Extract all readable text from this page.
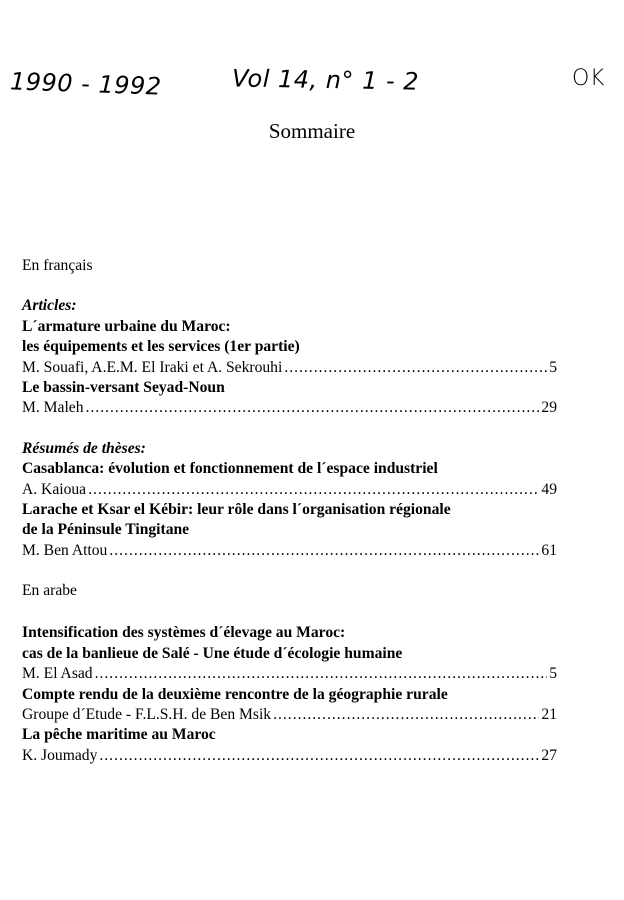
1990 - 1992	Vol 14, n° 1 - 2	OK
Sommaire
En français
Articles:
L´armature urbaine du Maroc:
les équipements et les services (1er partie)
M. Souafi, A.E.M. El Iraki et A. Sekrouhi .....	5
Le bassin-versant Seyad-Noun
M. Maleh .....	29
Résumés de thèses:
Casablanca: évolution et fonctionnement de l´espace industriel
A. Kaioua .....	49
Larache et Ksar el Kébir: leur rôle dans l´organisation régionale
de la Péninsule Tingitane
M. Ben Attou .....	61
En arabe
Intensification des systèmes d´élevage au Maroc:
cas de la banlieue de Salé - Une étude d´écologie humaine
M. El Asad .....	5
Compte rendu de la deuxième rencontre de la géographie rurale
Groupe d´Etude - F.L.S.H. de Ben Msik .....	21
La pêche maritime au Maroc
K. Joumady .....	27
